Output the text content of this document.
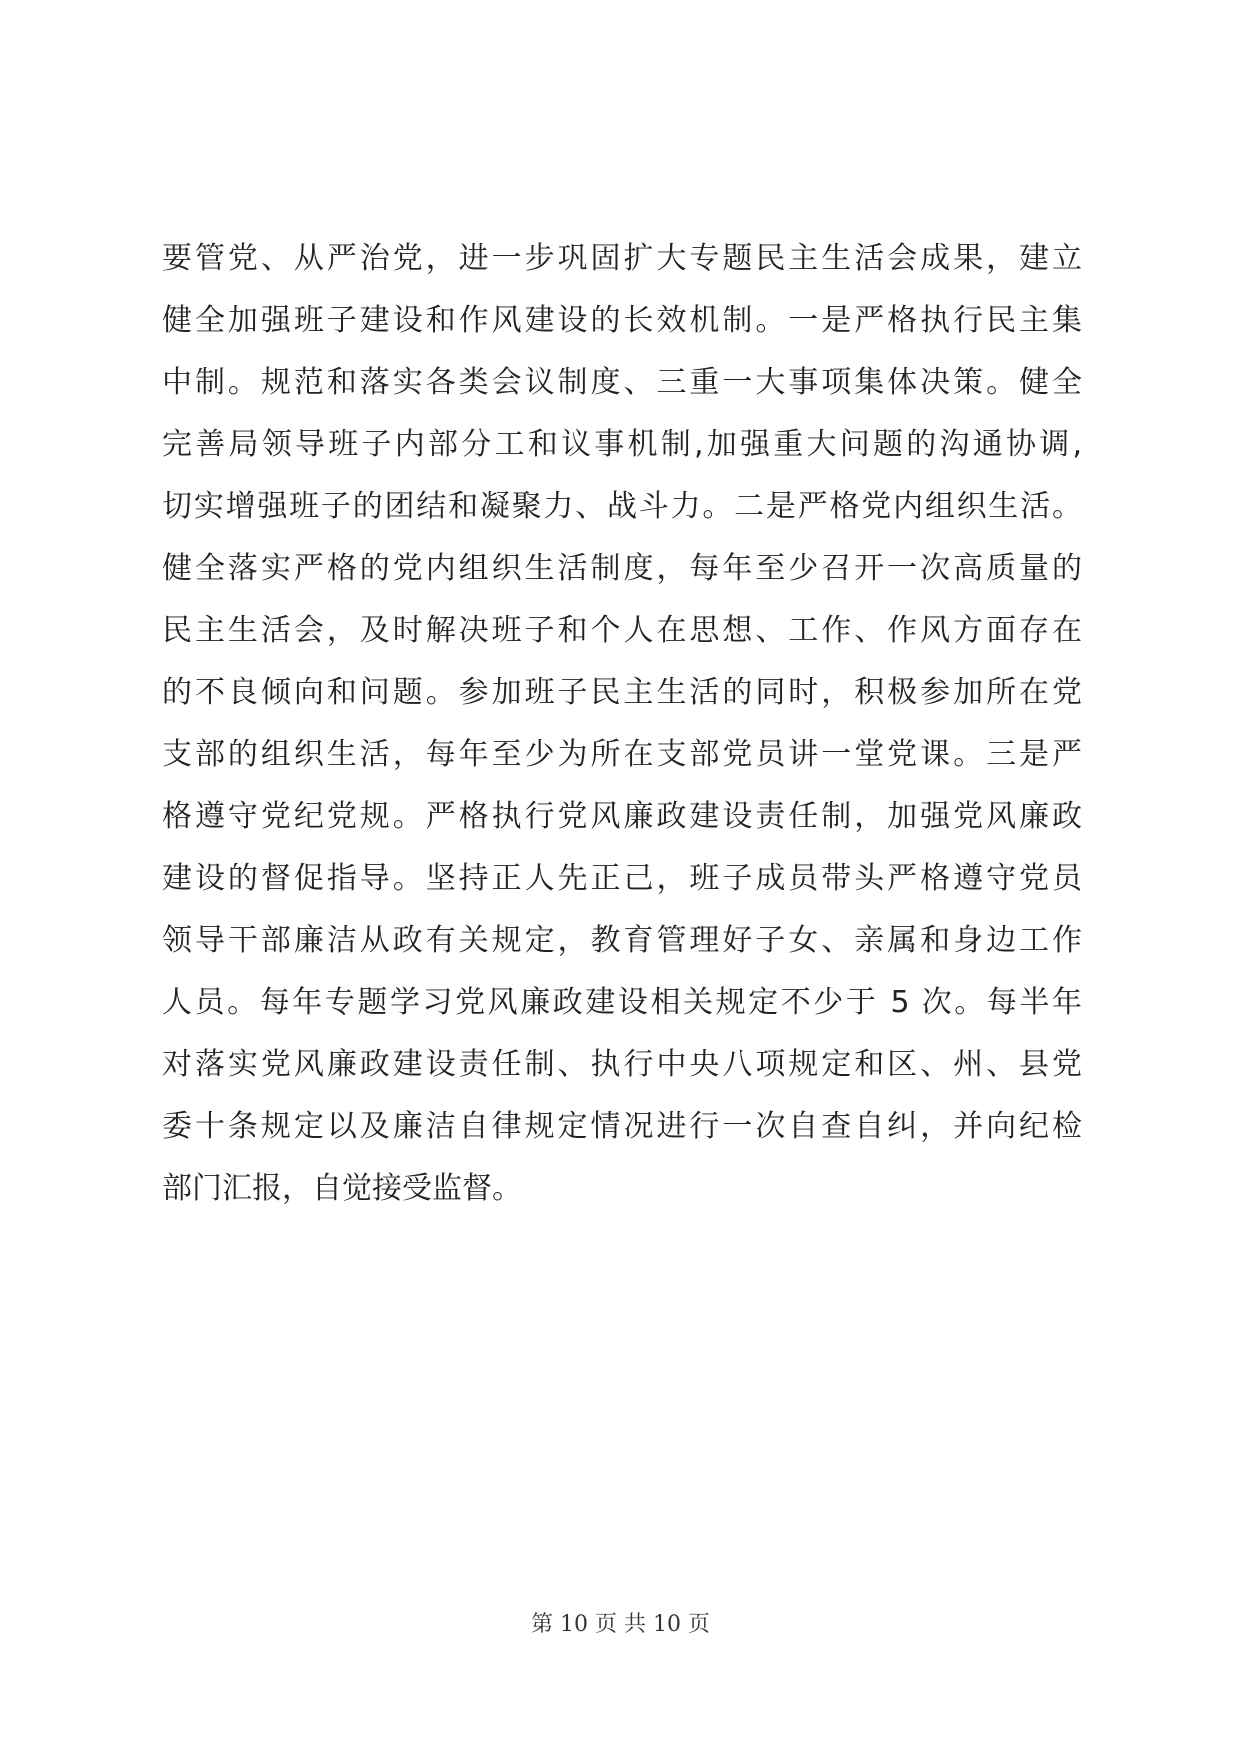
要管党、从严治党，进一步巩固扩大专题民主生活会成果，建立
健全加强班子建设和作风建设的长效机制。一是严格执行民主集
中制。规范和落实各类会议制度、三重一大事项集体决策。健全
完善局领导班子内部分工和议事机制,加强重大问题的沟通协调,
切实增强班子的团结和凝聚力、战斗力。二是严格党内组织生活。
健全落实严格的党内组织生活制度，每年至少召开一次高质量的
民主生活会，及时解决班子和个人在思想、工作、作风方面存在
的不良倾向和问题。参加班子民主生活的同时，积极参加所在党
支部的组织生活，每年至少为所在支部党员讲一堂党课。三是严
格遵守党纪党规。严格执行党风廉政建设责任制，加强党风廉政
建设的督促指导。坚持正人先正己，班子成员带头严格遵守党员
领导干部廉洁从政有关规定，教育管理好子女、亲属和身边工作
人员。每年专题学习党风廉政建设相关规定不少于 5 次。每半年
对落实党风廉政建设责任制、执行中央八项规定和区、州、县党
委十条规定以及廉洁自律规定情况进行一次自查自纠，并向纪检
部门汇报，自觉接受监督。
第 10 页 共 10 页
